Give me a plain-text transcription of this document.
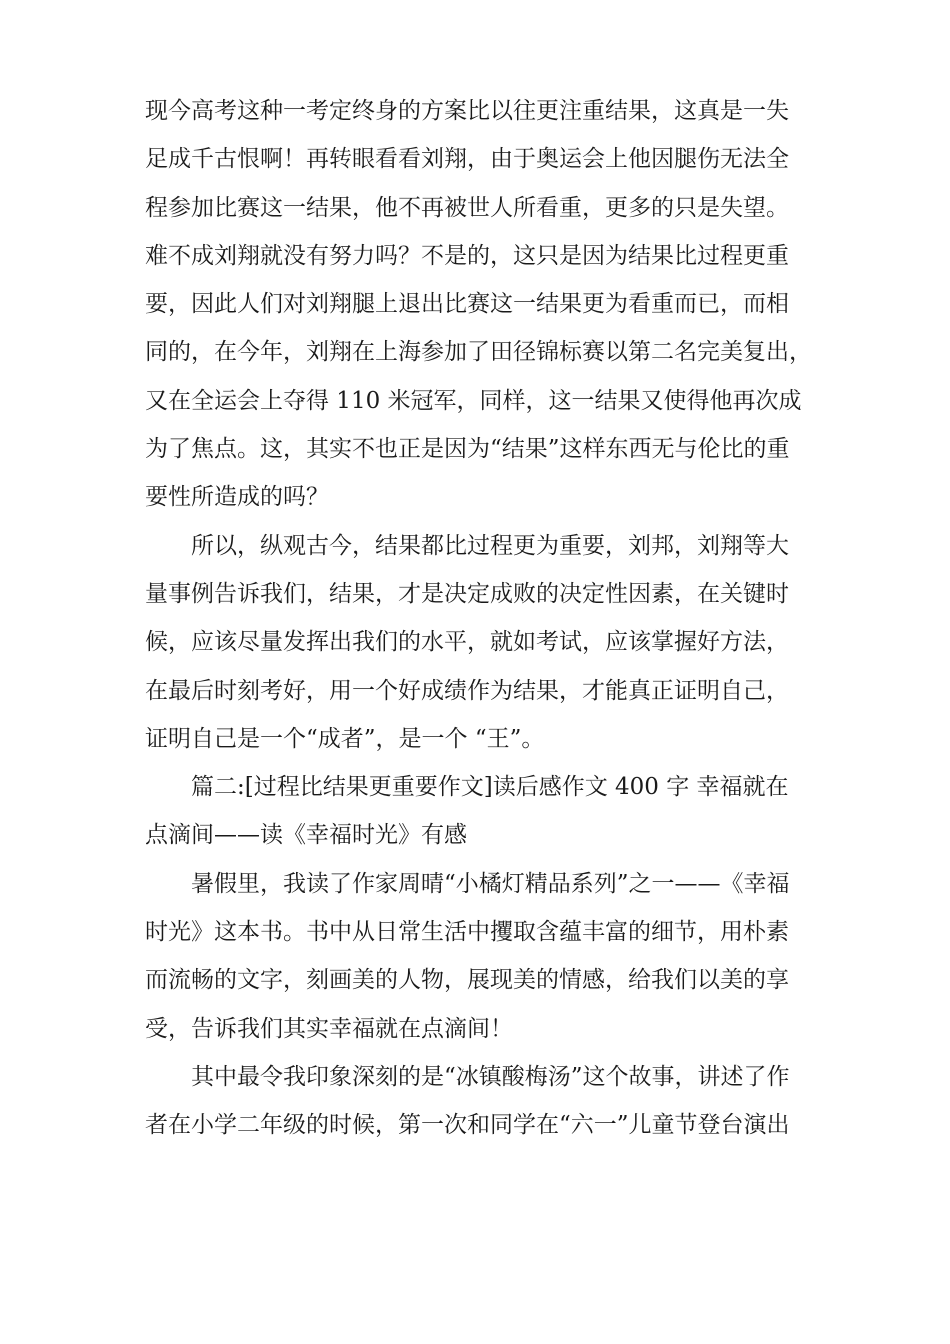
现今高考这种一考定终身的方案比以往更注重结果，这真是一失
足成千古恨啊！再转眼看看刘翔，由于奥运会上他因腿伤无法全
程参加比赛这一结果，他不再被世人所看重，更多的只是失望。
难不成刘翔就没有努力吗？不是的，这只是因为结果比过程更重
要，因此人们对刘翔腿上退出比赛这一结果更为看重而已，而相
同的，在今年，刘翔在上海参加了田径锦标赛以第二名完美复出，
又在全运会上夺得 110 米冠军，同样，这一结果又使得他再次成
为了焦点。这，其实不也正是因为“结果”这样东西无与伦比的重
要性所造成的吗？
所以，纵观古今，结果都比过程更为重要，刘邦，刘翔等大
量事例告诉我们，结果，才是决定成败的决定性因素，在关键时
候，应该尽量发挥出我们的水平，就如考试，应该掌握好方法，
在最后时刻考好，用一个好成绩作为结果，才能真正证明自己，
证明自己是一个“成者”，是一个 “王”。
篇二:[过程比结果更重要作文]读后感作文 400 字 幸福就在
点滴间——读《幸福时光》有感
暑假里，我读了作家周晴“小橘灯精品系列”之一——《幸福
时光》这本书。书中从日常生活中攫取含蕴丰富的细节，用朴素
而流畅的文字，刻画美的人物，展现美的情感，给我们以美的享
受，告诉我们其实幸福就在点滴间！
其中最令我印象深刻的是“冰镇酸梅汤”这个故事，讲述了作
者在小学二年级的时候，第一次和同学在“六一”儿童节登台演出
